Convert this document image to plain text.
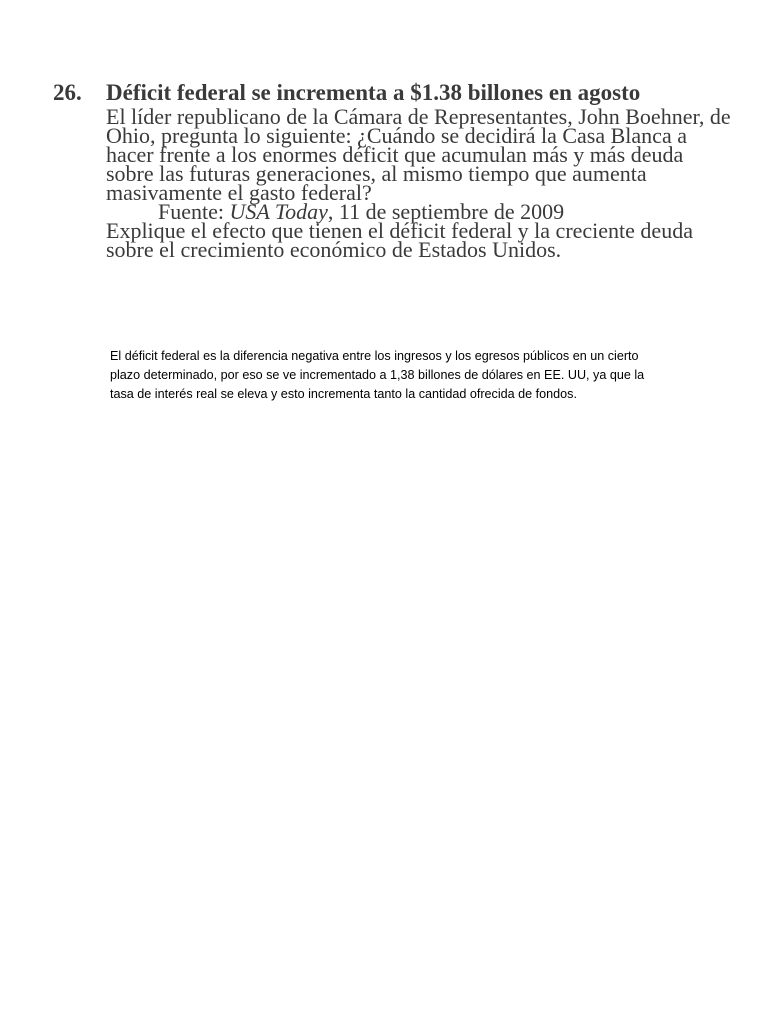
26.	Déficit federal se incrementa a $1.38 billones en agosto

El líder republicano de la Cámara de Representantes, John Boehner, de Ohio, pregunta lo siguiente: ¿Cuándo se decidirá la Casa Blanca a hacer frente a los enormes déficit que acumulan más y más deuda sobre las futuras generaciones, al mismo tiempo que aumenta masivamente el gasto federal?

Fuente: USA Today, 11 de septiembre de 2009

Explique el efecto que tienen el déficit federal y la creciente deuda sobre el crecimiento económico de Estados Unidos.

El déficit federal es la diferencia negativa entre los ingresos y los egresos públicos en un cierto plazo determinado, por eso se ve incrementado a 1,38 billones de dólares en EE. UU, ya que la tasa de interés real se eleva y esto incrementa tanto la cantidad ofrecida de fondos.
